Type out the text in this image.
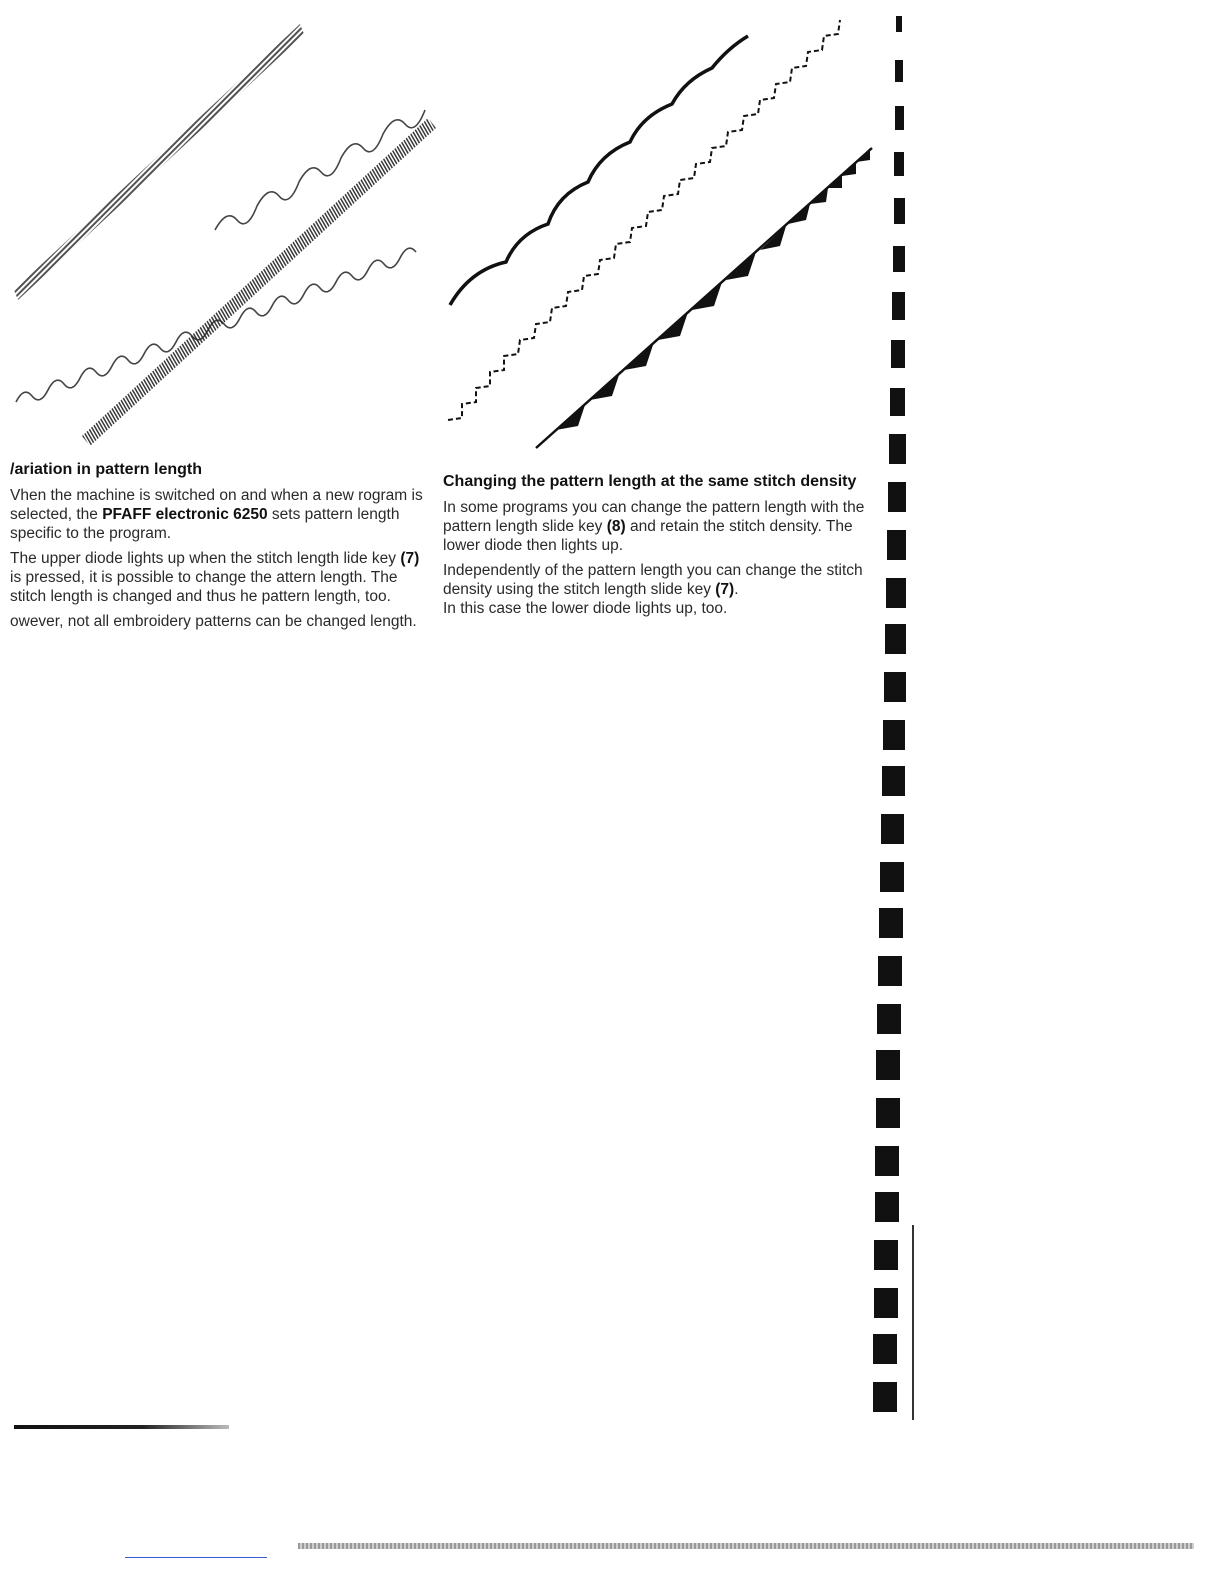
/ariation in pattern length

Vhen the machine is switched on and when a new rogram is selected, the PFAFF electronic 6250 sets pattern length specific to the program.

The upper diode lights up when the stitch length lide key (7) is pressed, it is possible to change the attern length. The stitch length is changed and thus he pattern length, too.

owever, not all embroidery patterns can be changed length.

Changing the pattern length at the same stitch density

In some programs you can change the pattern length with the pattern length slide key (8) and retain the stitch density. The lower diode then lights up.

Independently of the pattern length you can change the stitch density using the stitch length slide key (7).

In this case the lower diode lights up, too.
